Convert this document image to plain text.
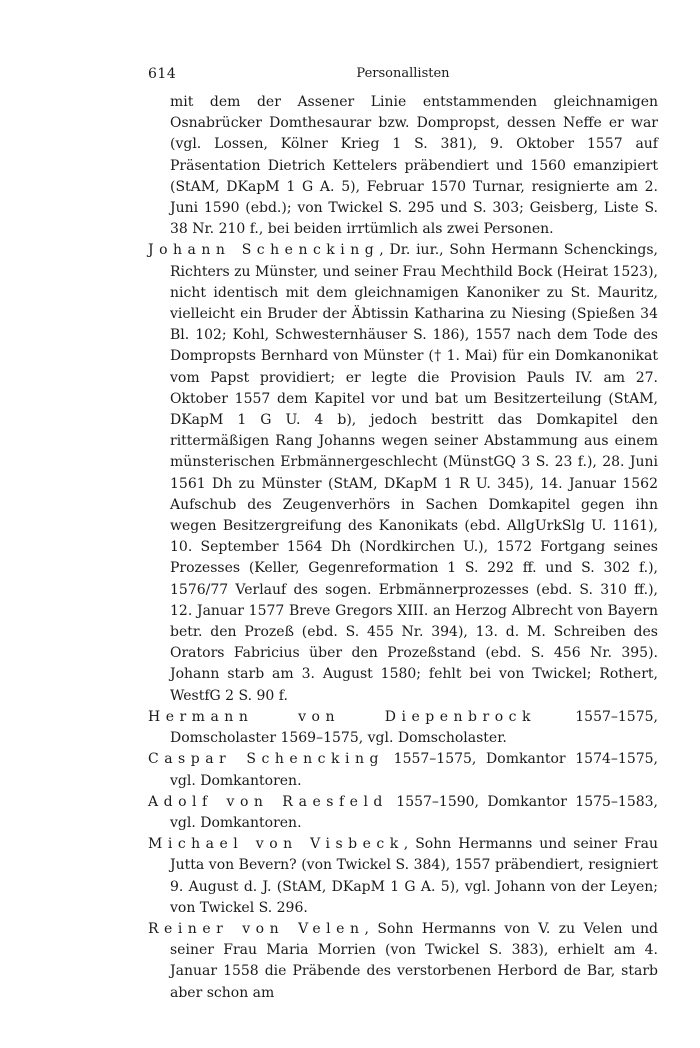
614	Personallisten

mit dem der Assener Linie entstammenden gleichnamigen Osnabrücker Domthesaurar bzw. Dompropst, dessen Neffe er war (vgl. Lossen, Kölner Krieg 1 S. 381), 9. Oktober 1557 auf Präsentation Dietrich Kettelers präbendiert und 1560 emanzipiert (StAM, DKapM 1 G A. 5), Februar 1570 Turnar, resignierte am 2. Juni 1590 (ebd.); von Twickel S. 295 und S. 303; Geisberg, Liste S. 38 Nr. 210 f., bei beiden irrtümlich als zwei Personen.

Johann Schencking, Dr. iur., Sohn Hermann Schenckings, Richters zu Münster, und seiner Frau Mechthild Bock (Heirat 1523), nicht identisch mit dem gleichnamigen Kanoniker zu St. Mauritz, vielleicht ein Bruder der Äbtissin Katharina zu Niesing (Spießen 34 Bl. 102; Kohl, Schwesternhäuser S. 186), 1557 nach dem Tode des Dompropsts Bernhard von Münster († 1. Mai) für ein Domkanonikat vom Papst providiert; er legte die Provision Pauls IV. am 27. Oktober 1557 dem Kapitel vor und bat um Besitzerteilung (StAM, DKapM 1 G U. 4 b), jedoch bestritt das Domkapitel den rittermäßigen Rang Johanns wegen seiner Abstammung aus einem münsterischen Erbmännergeschlecht (MünstGQ 3 S. 23 f.), 28. Juni 1561 Dh zu Münster (StAM, DKapM 1 R U. 345), 14. Januar 1562 Aufschub des Zeugenverhörs in Sachen Domkapitel gegen ihn wegen Besitzergreifung des Kanonikats (ebd. AllgUrkSlg U. 1161), 10. September 1564 Dh (Nordkirchen U.), 1572 Fortgang seines Prozesses (Keller, Gegenreformation 1 S. 292 ff. und S. 302 f.), 1576/77 Verlauf des sogen. Erbmännerprozesses (ebd. S. 310 ff.), 12. Januar 1577 Breve Gregors XIII. an Herzog Albrecht von Bayern betr. den Prozeß (ebd. S. 455 Nr. 394), 13. d. M. Schreiben des Orators Fabricius über den Prozeßstand (ebd. S. 456 Nr. 395). Johann starb am 3. August 1580; fehlt bei von Twickel; Rothert, WestfG 2 S. 90 f.

Hermann von Diepenbrock 1557–1575, Domscholaster 1569–1575, vgl. Domscholaster.

Caspar Schencking 1557–1575, Domkantor 1574–1575, vgl. Domkantoren.

Adolf von Raesfeld 1557–1590, Domkantor 1575–1583, vgl. Domkantoren.

Michael von Visbeck, Sohn Hermanns und seiner Frau Jutta von Bevern? (von Twickel S. 384), 1557 präbendiert, resigniert 9. August d. J. (StAM, DKapM 1 G A. 5), vgl. Johann von der Leyen; von Twickel S. 296.

Reiner von Velen, Sohn Hermanns von V. zu Velen und seiner Frau Maria Morrien (von Twickel S. 383), erhielt am 4. Januar 1558 die Präbende des verstorbenen Herbord de Bar, starb aber schon am
